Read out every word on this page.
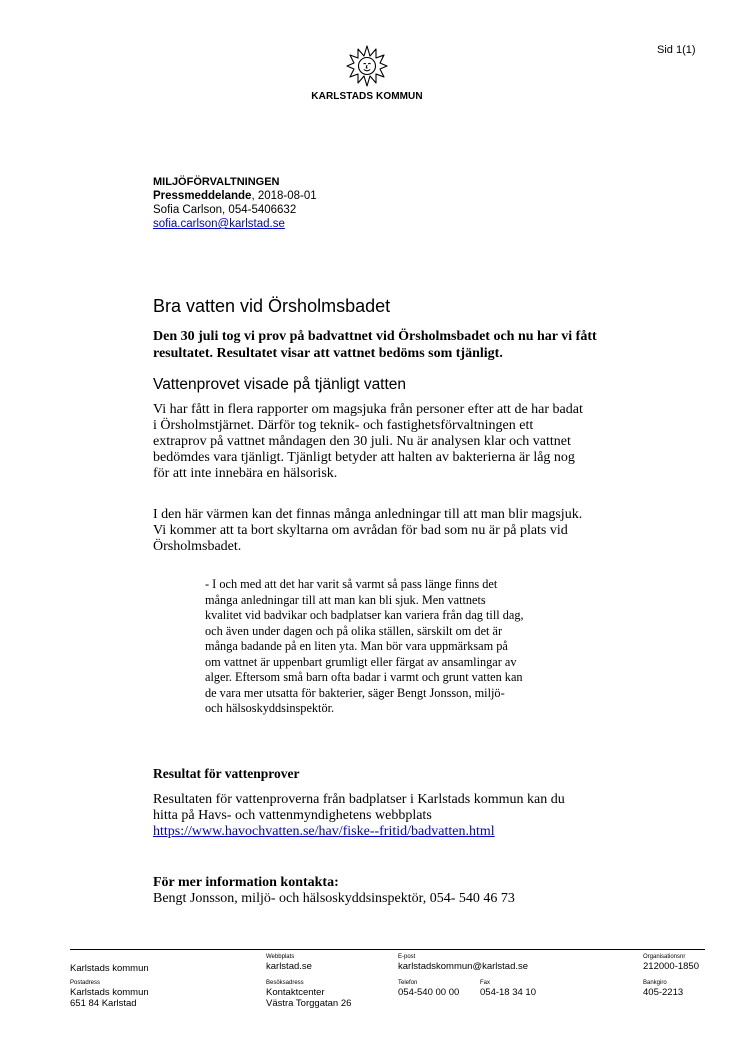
Sid 1(1)
KARLSTADS KOMMUN
MILJÖFÖRVALTNINGEN
Pressmeddelande, 2018-08-01
Sofia Carlson, 054-5406632
sofia.carlson@karlstad.se
Bra vatten vid Örsholmsbadet
Den 30 juli tog vi prov på badvattnet vid Örsholmsbadet och nu har vi fått resultatet. Resultatet visar att vattnet bedöms som tjänligt.
Vattenprovet visade på tjänligt vatten
Vi har fått in flera rapporter om magsjuka från personer efter att de har badat
i Örsholmstjärnet. Därför tog teknik- och fastighetsförvaltningen ett
extraprov på vattnet måndagen den 30 juli. Nu är analysen klar och vattnet
bedömdes vara tjänligt. Tjänligt betyder att halten av bakterierna är låg nog
för att inte innebära en hälsorisk.
I den här värmen kan det finnas många anledningar till att man blir magsjuk.
Vi kommer att ta bort skyltarna om avrådan för bad som nu är på plats vid
Örsholmsbadet.
- I och med att det har varit så varmt så pass länge finns det
många anledningar till att man kan bli sjuk. Men vattnets
kvalitet vid badvikar och badplatser kan variera från dag till dag,
och även under dagen och på olika ställen, särskilt om det är
många badande på en liten yta. Man bör vara uppmärksam på
om vattnet är uppenbart grumligt eller färgat av ansamlingar av
alger. Eftersom små barn ofta badar i varmt och grunt vatten kan
de vara mer utsatta för bakterier, säger Bengt Jonsson, miljö-
och hälsoskyddsinspektör.
Resultat för vattenprover
Resultaten för vattenproverna från badplatser i Karlstads kommun kan du
hitta på Havs- och vattenmyndighetens webbplats
https://www.havochvatten.se/hav/fiske--fritid/badvatten.html
För mer information kontakta:
Bengt Jonsson, miljö- och hälsoskyddsinspektör, 054- 540 46 73
Karlstads kommun
Webbplats
karlstad.se
E-post
karlstadskommun@karlstad.se
Organisationsnr
212000-1850
Postadress
Karlstads kommun
651 84 Karlstad
Besöksadress
Kontaktcenter
Västra Torggatan 26
Telefon
054-540 00 00
Fax
054-18 34 10
Bankgiro
405-2213
